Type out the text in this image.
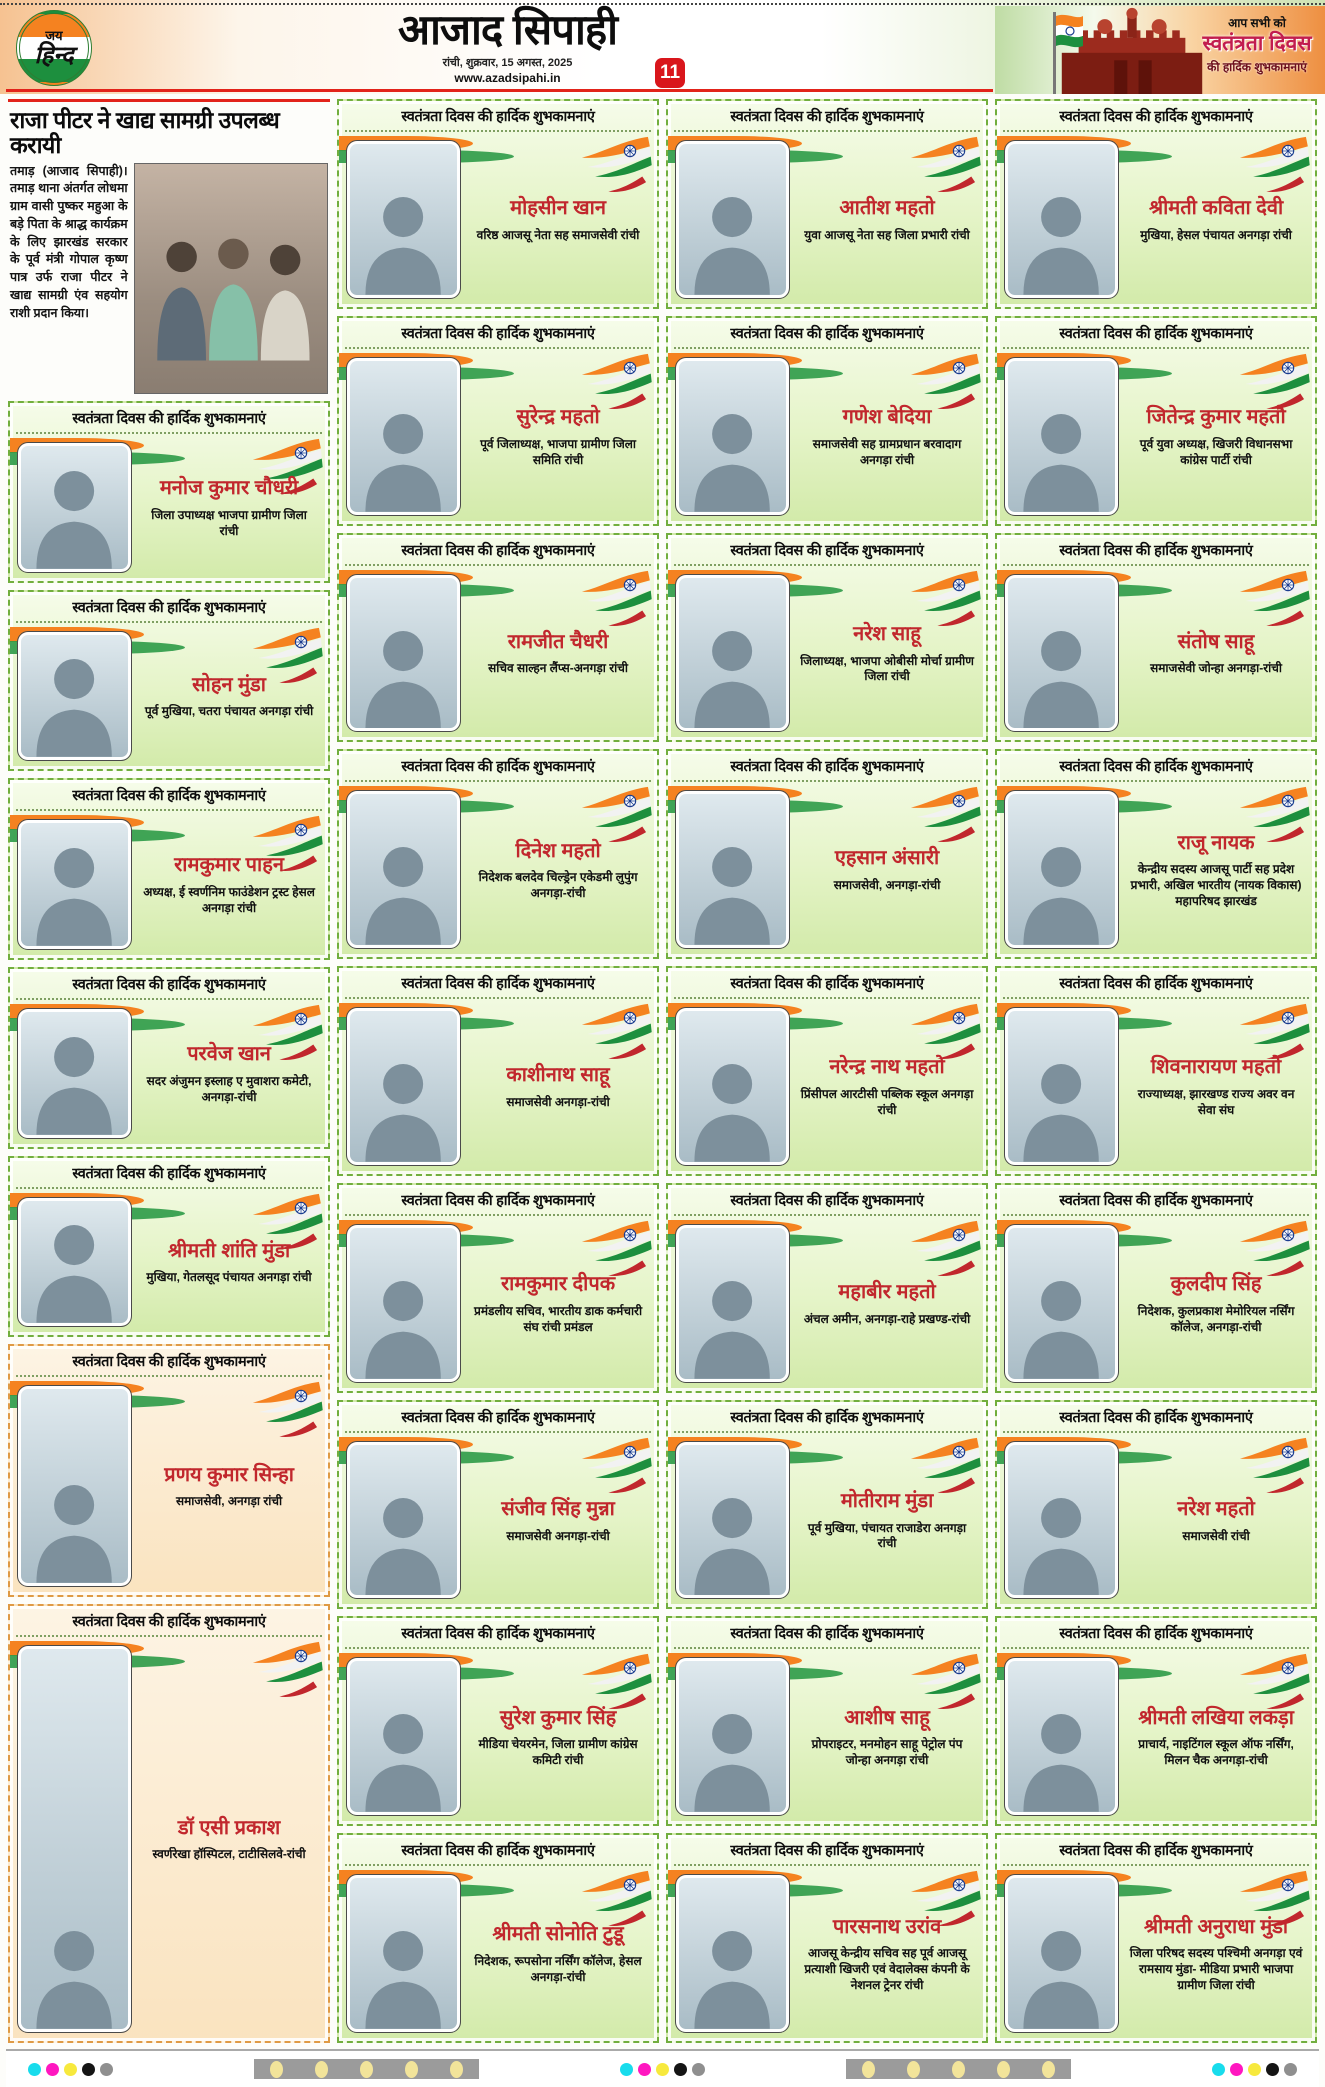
जय
हिन्द
आजाद सिपाही
रांची, शुक्रवार, 15 अगस्त, 2025
www.azadsipahi.in	11
आप सभी को
स्वतंत्रता दिवस
की हार्दिक शुभकामनाएं
राजा पीटर ने खाद्य सामग्री उपलब्ध करायी

तमाड़ (आजाद सिपाही)। तमाड़ थाना अंतर्गत लोधमा ग्राम वासी पुष्कर महुआ के बड़े पिता के श्राद्ध कार्यक्रम के लिए झारखंड सरकार के पूर्व मंत्री गोपाल कृष्ण पात्र उर्फ राजा पीटर ने खाद्य सामग्री एंव सहयोग राशी प्रदान किया।

स्वतंत्रता दिवस की हार्दिक शुभकामनाएं
मनोज कुमार चौधरी
जिला उपाध्यक्ष भाजपा ग्रामीण जिला रांची
स्वतंत्रता दिवस की हार्दिक शुभकामनाएं
सोहन मुंडा
पूर्व मुखिया, चतरा पंचायत अनगड़ा रांची
स्वतंत्रता दिवस की हार्दिक शुभकामनाएं
रामकुमार पाहन
अध्यक्ष, ई स्वर्णनिम फाउंडेशन ट्रस्ट हेसल अनगड़ा रांची
स्वतंत्रता दिवस की हार्दिक शुभकामनाएं
परवेज खान
सदर अंजुमन इस्लाह ए मुवाशरा कमेटी, अनगड़ा-रांची
स्वतंत्रता दिवस की हार्दिक शुभकामनाएं
श्रीमती शांति मुंडा
मुखिया, गेतलसूद पंचायत अनगड़ा रांची
स्वतंत्रता दिवस की हार्दिक शुभकामनाएं
प्रणय कुमार सिन्हा
समाजसेवी, अनगड़ा रांची
स्वतंत्रता दिवस की हार्दिक शुभकामनाएं
डॉ एसी प्रकाश
स्वर्णरेखा हॉस्पिटल, टाटीसिलवे-रांची
स्वतंत्रता दिवस की हार्दिक शुभकामनाएं
मोहसीन खान
वरिष्ठ आजसू नेता सह समाजसेवी रांची
स्वतंत्रता दिवस की हार्दिक शुभकामनाएं
सुरेन्द्र महतो
पूर्व जिलाध्यक्ष, भाजपा ग्रामीण जिला समिति रांची
स्वतंत्रता दिवस की हार्दिक शुभकामनाएं
रामजीत चैधरी
सचिव साल्हन लैंप्स-अनगड़ा रांची
स्वतंत्रता दिवस की हार्दिक शुभकामनाएं
दिनेश महतो
निदेशक बलदेव चिल्ड्रेन एकेडमी लुपुंग अनगड़ा-रांची
स्वतंत्रता दिवस की हार्दिक शुभकामनाएं
काशीनाथ साहू
समाजसेवी अनगड़ा-रांची
स्वतंत्रता दिवस की हार्दिक शुभकामनाएं
रामकुमार दीपक
प्रमंडलीय सचिव, भारतीय डाक कर्मचारी संघ रांची प्रमंडल
स्वतंत्रता दिवस की हार्दिक शुभकामनाएं
संजीव सिंह मुन्ना
समाजसेवी अनगड़ा-रांची
स्वतंत्रता दिवस की हार्दिक शुभकामनाएं
सुरेश कुमार सिंह
मीडिया चेयरमेन, जिला ग्रामीण कांग्रेस कमिटी रांची
स्वतंत्रता दिवस की हार्दिक शुभकामनाएं
श्रीमती सोनोति टुडू
निदेशक, रूपसोना नर्सिंग कॉलेज, हेसल अनगड़ा-रांची
स्वतंत्रता दिवस की हार्दिक शुभकामनाएं
आतीश महतो
युवा आजसू नेता सह जिला प्रभारी रांची
स्वतंत्रता दिवस की हार्दिक शुभकामनाएं
गणेश बेदिया
समाजसेवी सह ग्रामप्रधान बरवादाग अनगड़ा रांची
स्वतंत्रता दिवस की हार्दिक शुभकामनाएं
नरेश साहू
जिलाध्यक्ष, भाजपा ओबीसी मोर्चा ग्रामीण जिला रांची
स्वतंत्रता दिवस की हार्दिक शुभकामनाएं
एहसान अंसारी
समाजसेवी, अनगड़ा-रांची
स्वतंत्रता दिवस की हार्दिक शुभकामनाएं
नरेन्द्र नाथ महतो
प्रिंसीपल आरटीसी पब्लिक स्कूल अनगड़ा रांची
स्वतंत्रता दिवस की हार्दिक शुभकामनाएं
महाबीर महतो
अंचल अमीन, अनगड़ा-राहे प्रखण्ड-रांची
स्वतंत्रता दिवस की हार्दिक शुभकामनाएं
मोतीराम मुंडा
पूर्व मुखिया, पंचायत राजाडेरा अनगड़ा रांची
स्वतंत्रता दिवस की हार्दिक शुभकामनाएं
आशीष साहू
प्रोपराइटर, मनमोहन साहू पेट्रोल पंप जोन्हा अनगड़ा रांची
स्वतंत्रता दिवस की हार्दिक शुभकामनाएं
पारसनाथ उरांव
आजसू केन्द्रीय सचिव सह पूर्व आजसू प्रत्याशी खिजरी एवं वेदालेक्स कंपनी के नेशनल ट्रेनर रांची
स्वतंत्रता दिवस की हार्दिक शुभकामनाएं
श्रीमती कविता देवी
मुखिया, हेसल पंचायत अनगड़ा रांची
स्वतंत्रता दिवस की हार्दिक शुभकामनाएं
जितेन्द्र कुमार महतौ
पूर्व युवा अध्यक्ष, खिजरी विधानसभा कांग्रेस पार्टी रांची
स्वतंत्रता दिवस की हार्दिक शुभकामनाएं
संतोष साहू
समाजसेवी जोन्हा अनगड़ा-रांची
स्वतंत्रता दिवस की हार्दिक शुभकामनाएं
राजू नायक
केन्द्रीय सदस्य आजसू पार्टी सह प्रदेश प्रभारी, अखिल भारतीय (नायक विकास) महापरिषद झारखंड
स्वतंत्रता दिवस की हार्दिक शुभकामनाएं
शिवनारायण महतो
राज्याध्यक्ष, झारखण्ड राज्य अवर वन सेवा संघ
स्वतंत्रता दिवस की हार्दिक शुभकामनाएं
कुलदीप सिंह
निदेशक, कुलप्रकाश मेमोरियल नर्सिंग कॉलेज, अनगड़ा-रांची
स्वतंत्रता दिवस की हार्दिक शुभकामनाएं
नरेश महतो
समाजसेवी रांची
स्वतंत्रता दिवस की हार्दिक शुभकामनाएं
श्रीमती लखिया लकड़ा
प्राचार्य, नाइटिंगल स्कूल ऑफ नर्सिंग, मिलन चैक अनगड़ा-रांची
स्वतंत्रता दिवस की हार्दिक शुभकामनाएं
श्रीमती अनुराधा मुंडा
जिला परिषद सदस्य पश्चिमी अनगड़ा एवं रामसाय मुंडा- मीडिया प्रभारी भाजपा ग्रामीण जिला रांची
